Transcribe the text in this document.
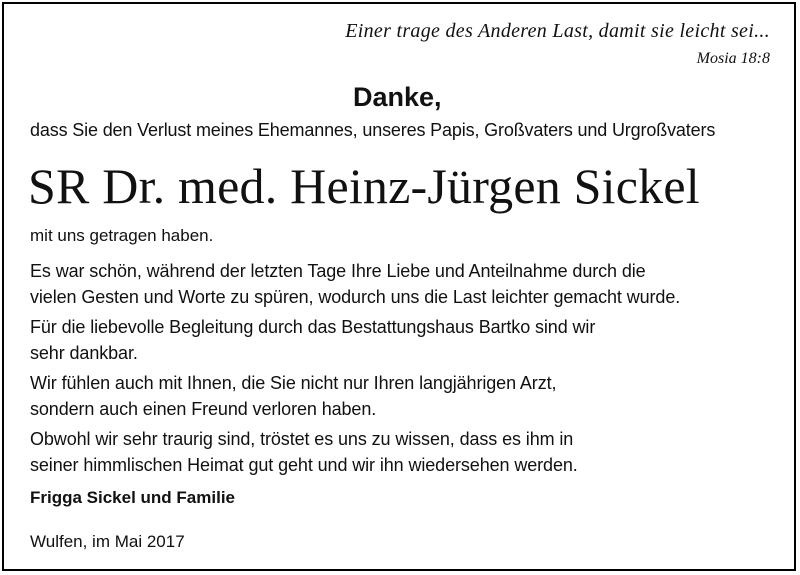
Einer trage des Anderen Last, damit sie leicht sei...
Mosia 18:8
Danke,
dass Sie den Verlust meines Ehemannes, unseres Papis, Großvaters und Urgroßvaters
SR Dr. med. Heinz-Jürgen Sickel
mit uns getragen haben.
Es war schön, während der letzten Tage Ihre Liebe und Anteilnahme durch die
vielen Gesten und Worte zu spüren, wodurch uns die Last leichter gemacht wurde.
Für die liebevolle Begleitung durch das Bestattungshaus Bartko sind wir
sehr dankbar.
Wir fühlen auch mit Ihnen, die Sie nicht nur Ihren langjährigen Arzt,
sondern auch einen Freund verloren haben.
Obwohl wir sehr traurig sind, tröstet es uns zu wissen, dass es ihm in
seiner himmlischen Heimat gut geht und wir ihn wiedersehen werden.
Frigga Sickel und Familie
Wulfen, im Mai 2017
